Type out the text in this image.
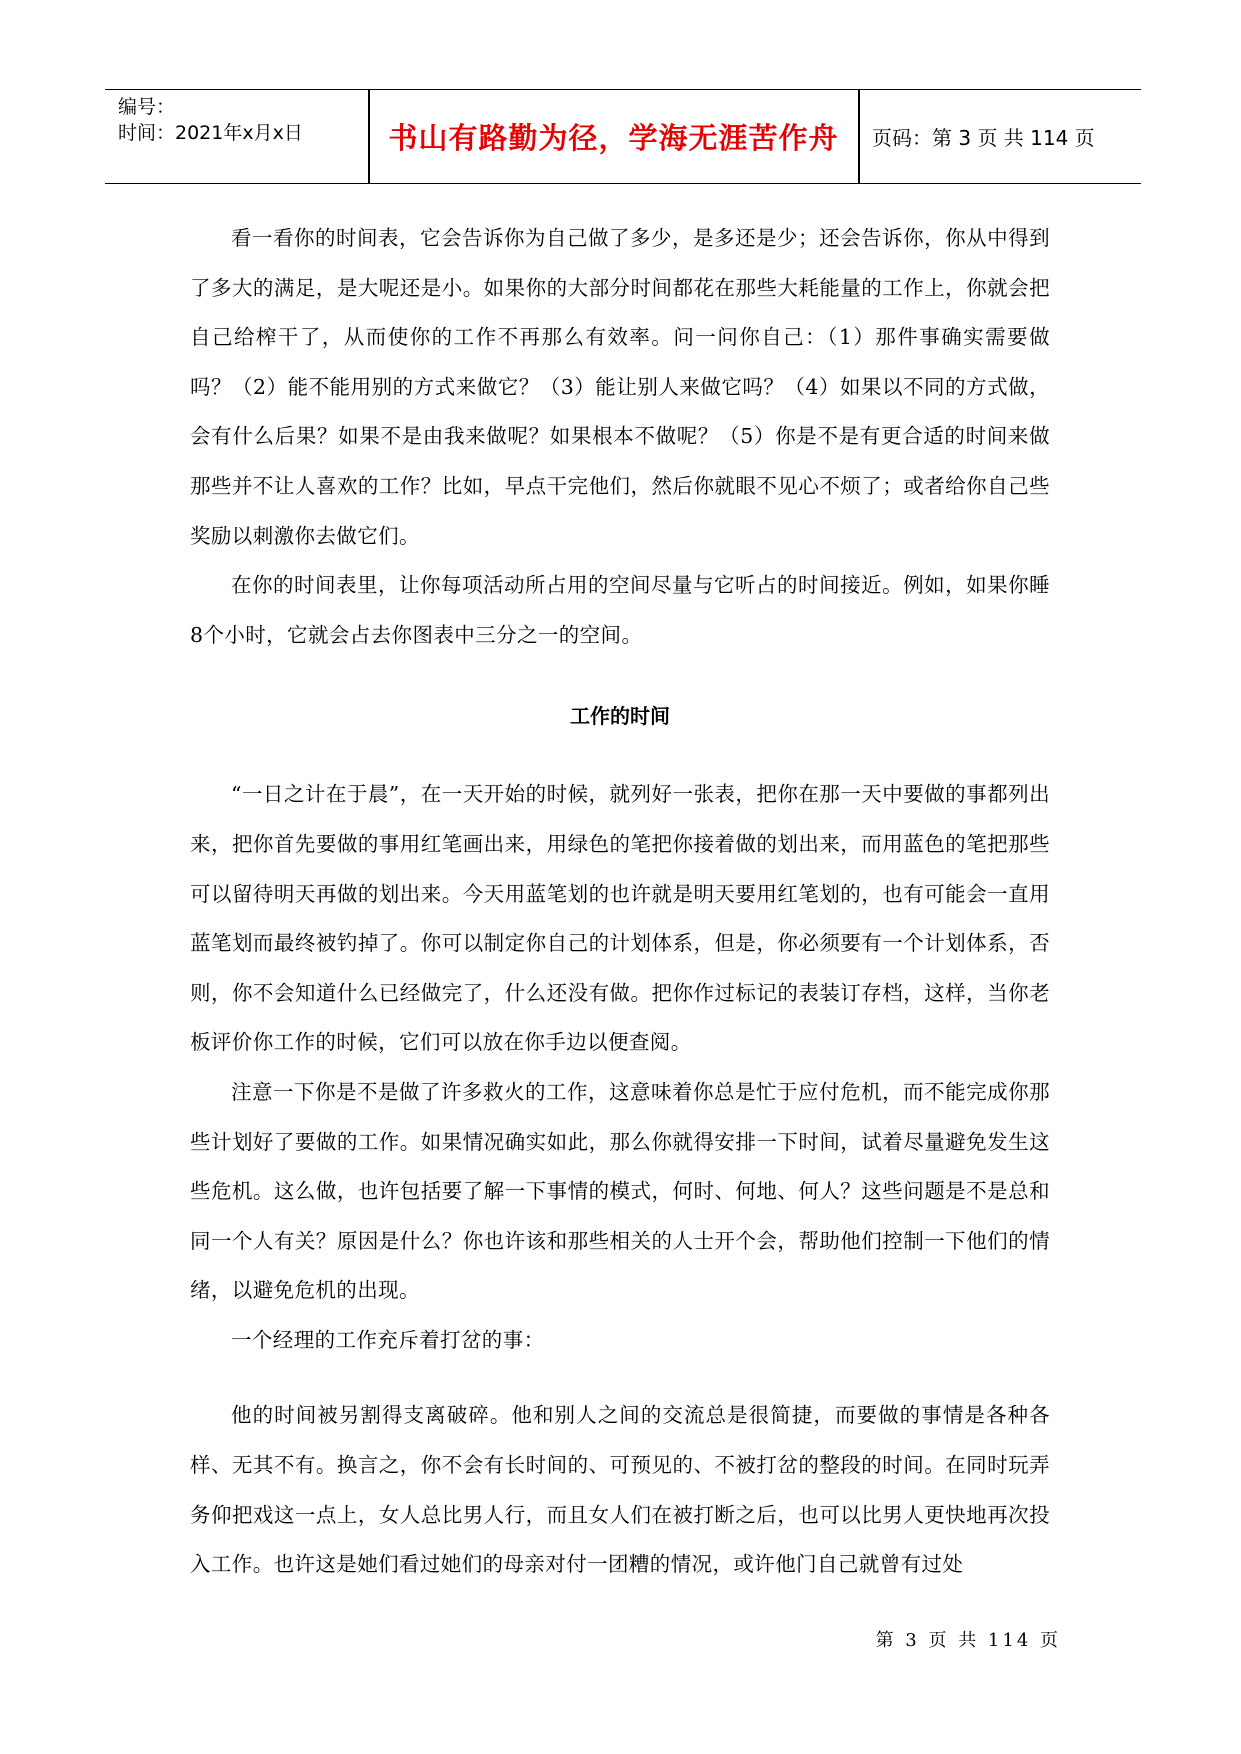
编号：
时间：2021年x月x日	书山有路勤为径，学海无涯苦作舟	页码：第 3 页 共 114 页

看一看你的时间表，它会告诉你为自己做了多少，是多还是少；还会告诉你，你从中得到了多大的满足，是大呢还是小。如果你的大部分时间都花在那些大耗能量的工作上，你就会把自己给榨干了，从而使你的工作不再那么有效率。问一问你自己：（1）那件事确实需要做吗？（2）能不能用别的方式来做它？（3）能让别人来做它吗？（4）如果以不同的方式做，会有什么后果？如果不是由我来做呢？如果根本不做呢？（5）你是不是有更合适的时间来做那些并不让人喜欢的工作？比如，早点干完他们，然后你就眼不见心不烦了；或者给你自己些奖励以刺激你去做它们。

在你的时间表里，让你每项活动所占用的空间尽量与它听占的时间接近。例如，如果你睡8个小时，它就会占去你图表中三分之一的空间。

工作的时间

“一日之计在于晨”，在一天开始的时候，就列好一张表，把你在那一天中要做的事都列出来，把你首先要做的事用红笔画出来，用绿色的笔把你接着做的划出来，而用蓝色的笔把那些可以留待明天再做的划出来。今天用蓝笔划的也许就是明天要用红笔划的，也有可能会一直用蓝笔划而最终被钓掉了。你可以制定你自己的计划体系，但是，你必须要有一个计划体系，否则，你不会知道什么已经做完了，什么还没有做。把你作过标记的表装订存档，这样，当你老板评价你工作的时候，它们可以放在你手边以便查阅。

注意一下你是不是做了许多救火的工作，这意味着你总是忙于应付危机，而不能完成你那些计划好了要做的工作。如果情况确实如此，那么你就得安排一下时间，试着尽量避免发生这些危机。这么做，也许包括要了解一下事情的模式，何时、何地、何人？这些问题是不是总和同一个人有关？原因是什么？你也许该和那些相关的人士开个会，帮助他们控制一下他们的情绪，以避免危机的出现。

一个经理的工作充斥着打岔的事：

他的时间被另割得支离破碎。他和别人之间的交流总是很简捷，而要做的事情是各种各样、无其不有。换言之，你不会有长时间的、可预见的、不被打岔的整段的时间。在同时玩弄务仰把戏这一点上，女人总比男人行，而且女人们在被打断之后，也可以比男人更快地再次投入工作。也许这是她们看过她们的母亲对付一团糟的情况，或许他门自己就曾有过处

第 3 页 共 114 页
